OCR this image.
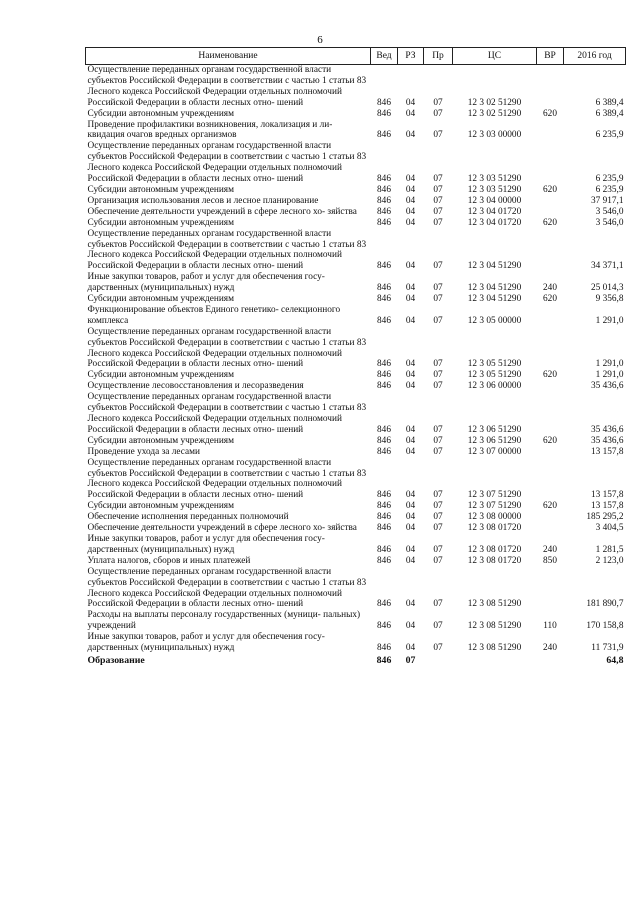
6
Наименование	Вед	РЗ	Пр	ЦС	ВР	2016 год
Осуществление переданных органам государственной власти субъектов Российской Федерации в соответствии с частью 1 статьи 83 Лесного кодекса Российской Федерации отдельных полномочий Российской Федерации в области лесных отно- шений	846	04	07	12 3 02 51290		6 389,4
Субсидии автономным учреждениям	846	04	07	12 3 02 51290	620	6 389,4
Проведение профилактики возникновения, локализация и ли- квидация очагов вредных организмов	846	04	07	12 3 03 00000		6 235,9
Осуществление переданных органам государственной власти субъектов Российской Федерации в соответствии с частью 1 статьи 83 Лесного кодекса Российской Федерации отдельных полномочий Российской Федерации в области лесных отно- шений	846	04	07	12 3 03 51290		6 235,9
Субсидии автономным учреждениям	846	04	07	12 3 03 51290	620	6 235,9
Организация использования лесов и лесное планирование	846	04	07	12 3 04 00000		37 917,1
Обеспечение деятельности учреждений в сфере лесного хо- зяйства	846	04	07	12 3 04 01720		3 546,0
Субсидии автономным учреждениям	846	04	07	12 3 04 01720	620	3 546,0
Осуществление переданных органам государственной власти субъектов Российской Федерации в соответствии с частью 1 статьи 83 Лесного кодекса Российской Федерации отдельных полномочий Российской Федерации в области лесных отно- шений	846	04	07	12 3 04 51290		34 371,1
Иные закупки товаров, работ и услуг для обеспечения госу- дарственных (муниципальных) нужд	846	04	07	12 3 04 51290	240	25 014,3
Субсидии автономным учреждениям	846	04	07	12 3 04 51290	620	9 356,8
Функционирование объектов Единого генетико- селекционного комплекса	846	04	07	12 3 05 00000		1 291,0
Осуществление переданных органам государственной власти субъектов Российской Федерации в соответствии с частью 1 статьи 83 Лесного кодекса Российской Федерации отдельных полномочий Российской Федерации в области лесных отно- шений	846	04	07	12 3 05 51290		1 291,0
Субсидии автономным учреждениям	846	04	07	12 3 05 51290	620	1 291,0
Осуществление лесовосстановления и лесоразведения	846	04	07	12 3 06 00000		35 436,6
Осуществление переданных органам государственной власти субъектов Российской Федерации в соответствии с частью 1 статьи 83 Лесного кодекса Российской Федерации отдельных полномочий Российской Федерации в области лесных отно- шений	846	04	07	12 3 06 51290		35 436,6
Субсидии автономным учреждениям	846	04	07	12 3 06 51290	620	35 436,6
Проведение ухода за лесами	846	04	07	12 3 07 00000		13 157,8
Осуществление переданных органам государственной власти субъектов Российской Федерации в соответствии с частью 1 статьи 83 Лесного кодекса Российской Федерации отдельных полномочий Российской Федерации в области лесных отно- шений	846	04	07	12 3 07 51290		13 157,8
Субсидии автономным учреждениям	846	04	07	12 3 07 51290	620	13 157,8
Обеспечение исполнения переданных полномочий	846	04	07	12 3 08 00000		185 295,2
Обеспечение деятельности учреждений в сфере лесного хо- зяйства	846	04	07	12 3 08 01720		3 404,5
Иные закупки товаров, работ и услуг для обеспечения госу- дарственных (муниципальных) нужд	846	04	07	12 3 08 01720	240	1 281,5
Уплата налогов, сборов и иных платежей	846	04	07	12 3 08 01720	850	2 123,0
Осуществление переданных органам государственной власти субъектов Российской Федерации в соответствии с частью 1 статьи 83 Лесного кодекса Российской Федерации отдельных полномочий Российской Федерации в области лесных отно- шений	846	04	07	12 3 08 51290		181 890,7
Расходы на выплаты персоналу государственных (муници- пальных) учреждений	846	04	07	12 3 08 51290	110	170 158,8
Иные закупки товаров, работ и услуг для обеспечения госу- дарственных (муниципальных) нужд	846	04	07	12 3 08 51290	240	11 731,9
Образование	846	07				64,8
